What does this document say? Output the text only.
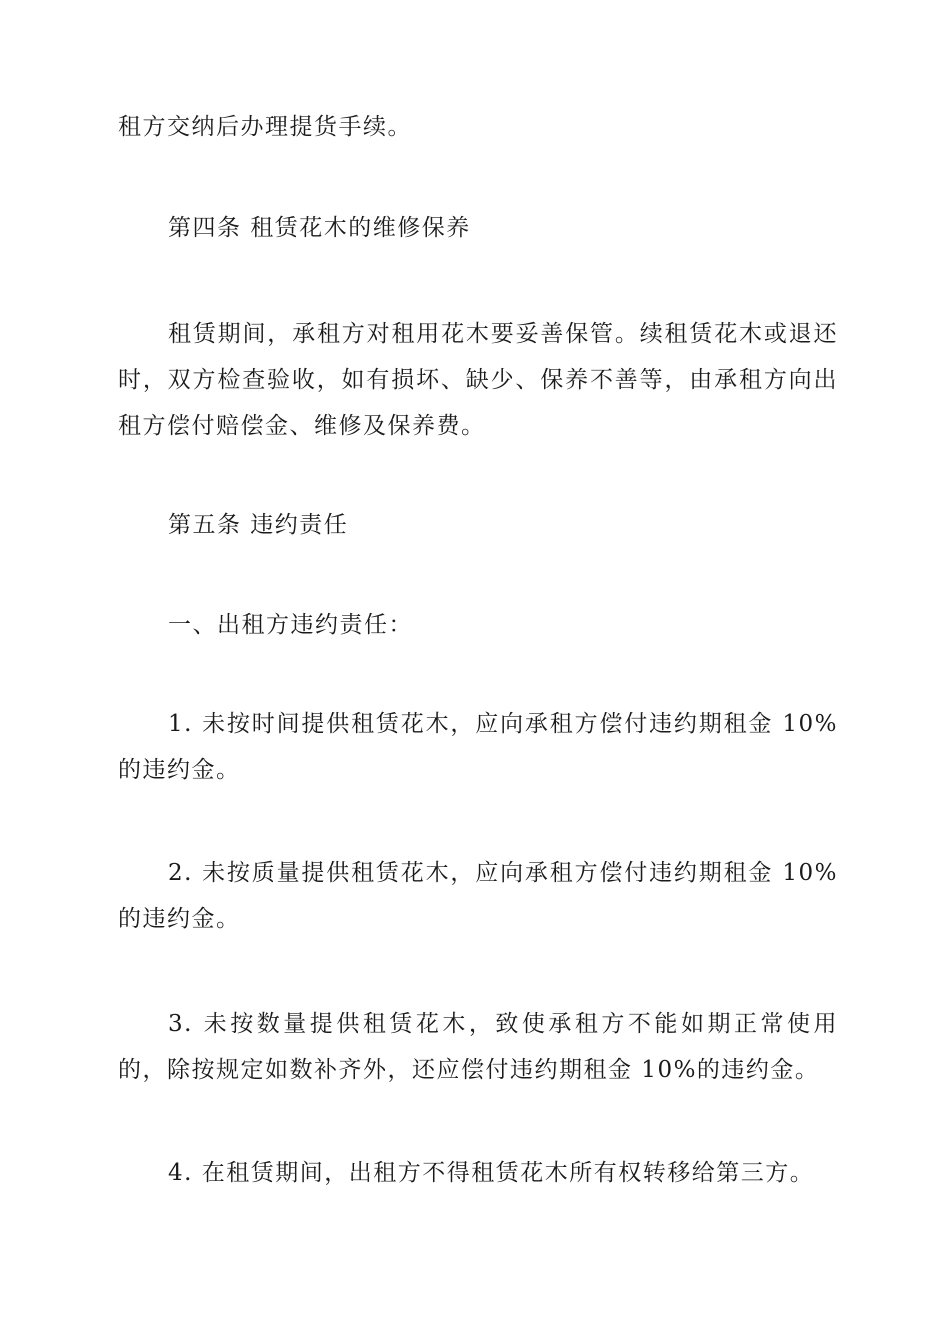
租方交纳后办理提货手续。

第四条 租赁花木的维修保养

租赁期间，承租方对租用花木要妥善保管。续租赁花木或退还时，双方检查验收，如有损坏、缺少、保养不善等，由承租方向出租方偿付赔偿金、维修及保养费。

第五条 违约责任

一、出租方违约责任：

1. 未按时间提供租赁花木，应向承租方偿付违约期租金 10%的违约金。

2. 未按质量提供租赁花木，应向承租方偿付违约期租金 10%的违约金。

3. 未按数量提供租赁花木，致使承租方不能如期正常使用的，除按规定如数补齐外，还应偿付违约期租金 10%的违约金。

4. 在租赁期间，出租方不得租赁花木所有权转移给第三方。
